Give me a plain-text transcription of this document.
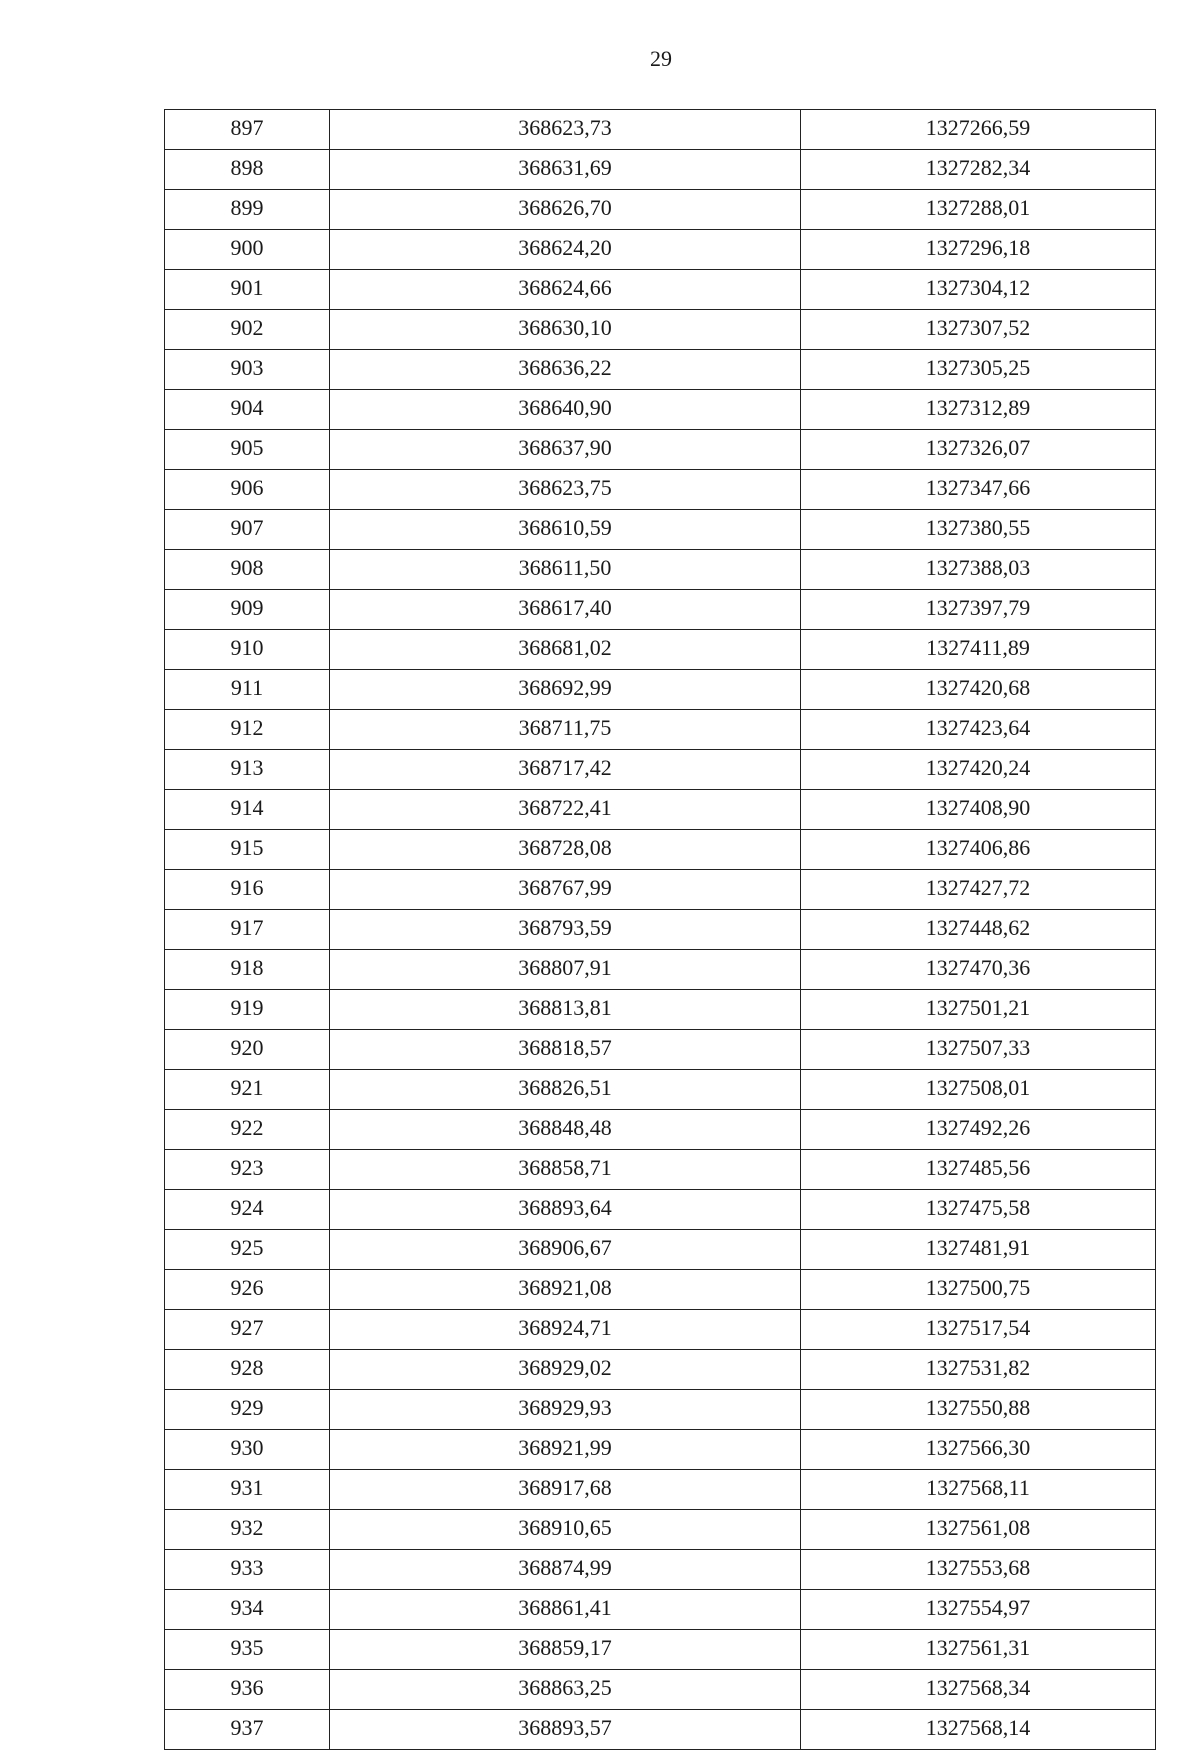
29
897	368623,73	1327266,59
898	368631,69	1327282,34
899	368626,70	1327288,01
900	368624,20	1327296,18
901	368624,66	1327304,12
902	368630,10	1327307,52
903	368636,22	1327305,25
904	368640,90	1327312,89
905	368637,90	1327326,07
906	368623,75	1327347,66
907	368610,59	1327380,55
908	368611,50	1327388,03
909	368617,40	1327397,79
910	368681,02	1327411,89
911	368692,99	1327420,68
912	368711,75	1327423,64
913	368717,42	1327420,24
914	368722,41	1327408,90
915	368728,08	1327406,86
916	368767,99	1327427,72
917	368793,59	1327448,62
918	368807,91	1327470,36
919	368813,81	1327501,21
920	368818,57	1327507,33
921	368826,51	1327508,01
922	368848,48	1327492,26
923	368858,71	1327485,56
924	368893,64	1327475,58
925	368906,67	1327481,91
926	368921,08	1327500,75
927	368924,71	1327517,54
928	368929,02	1327531,82
929	368929,93	1327550,88
930	368921,99	1327566,30
931	368917,68	1327568,11
932	368910,65	1327561,08
933	368874,99	1327553,68
934	368861,41	1327554,97
935	368859,17	1327561,31
936	368863,25	1327568,34
937	368893,57	1327568,14
